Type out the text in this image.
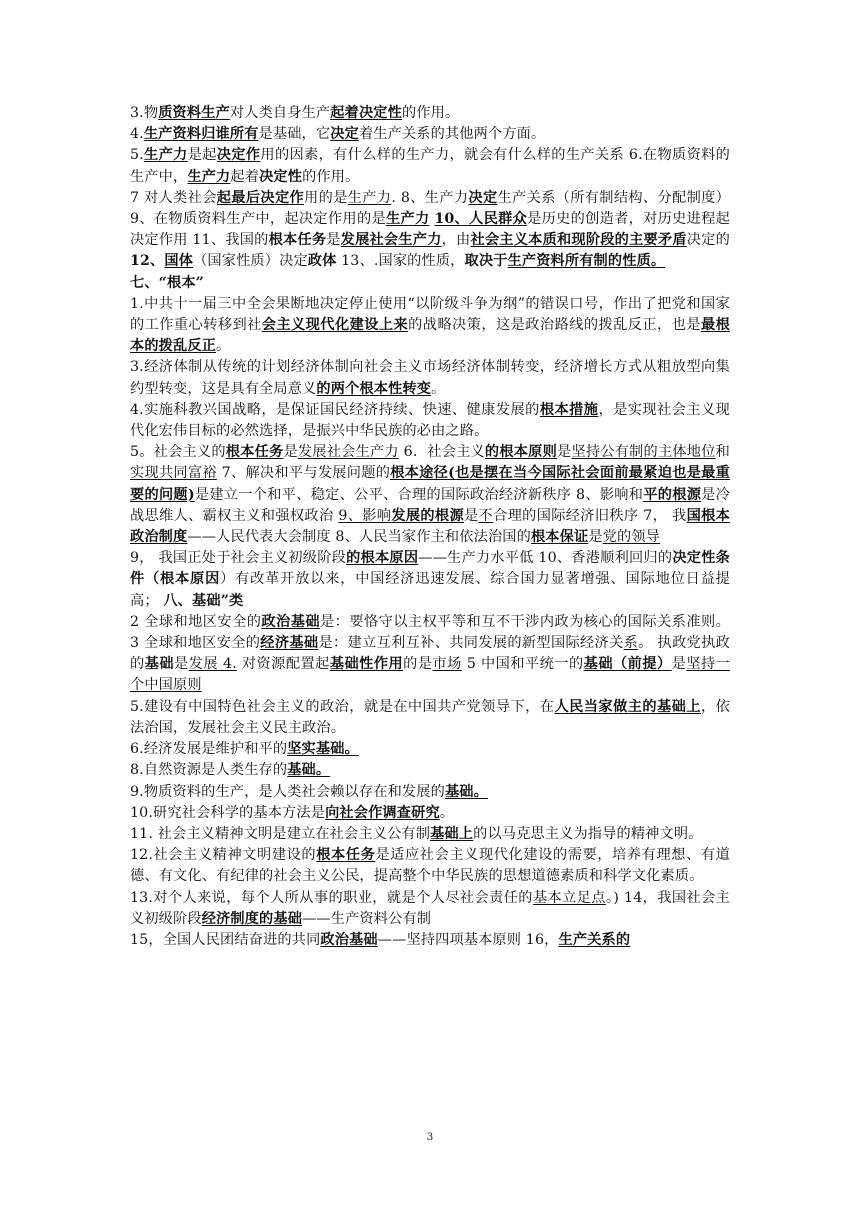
3.物质资料生产对人类自身生产起着决定性的作用。

4.生产资料归谁所有是基础，它决定着生产关系的其他两个方面。

5.生产力是起决定作用的因素，有什么样的生产力，就会有什么样的生产关系 6.在物质资料的生产中，生产力起着决定性的作用。

7 对人类社会起最后决定作用的是生产力. 8、生产力决定生产关系（所有制结构、分配制度） 9、在物质资料生产中，起决定作用的是生产力 10、人民群众是历史的创造者，对历史进程起决定作用 11、我国的根本任务是发展社会生产力，由社会主义本质和现阶段的主要矛盾决定的 12、国体（国家性质）决定政体 13、.国家的性质，取决于生产资料所有制的性质。

七、“根本”

1.中共十一届三中全会果断地决定停止使用“以阶级斗争为纲”的错误口号，作出了把党和国家的工作重心转移到社会主义现代化建设上来的战略决策，这是政治路线的拨乱反正，也是最根本的拨乱反正。

3.经济体制从传统的计划经济体制向社会主义市场经济体制转变，经济增长方式从粗放型向集约型转变，这是具有全局意义的两个根本性转变。

4.实施科教兴国战略，是保证国民经济持续、快速、健康发展的根本措施，是实现社会主义现代化宏伟目标的必然选择，是振兴中华民族的必由之路。

5。社会主义的根本任务是发展社会生产力 6．社会主义的根本原则是坚持公有制的主体地位和实现共同富裕 7、解决和平与发展问题的根本途径(也是摆在当今国际社会面前最紧迫也是最重要的问题)是建立一个和平、稳定、公平、合理的国际政治经济新秩序 8、影响和平的根源是冷战思维人、霸权主义和强权政治 9、影响发展的根源是不合理的国际经济旧秩序 7， 我国根本政治制度——人民代表大会制度 8、人民当家作主和依法治国的根本保证是党的领导

9， 我国正处于社会主义初级阶段的根本原因——生产力水平低 10、香港顺利回归的决定性条件（根本原因）有改革开放以来，中国经济迅速发展、综合国力显著增强、国际地位日益提高； 八、基础”类

2 全球和地区安全的政治基础是：要恪守以主权平等和互不干涉内政为核心的国际关系准则。 3 全球和地区安全的经济基础是：建立互利互补、共同发展的新型国际经济关系。 执政党执政的基础是发展 4. 对资源配置起基础性作用的是市场 5 中国和平统一的基础（前提）是坚持一个中国原则

5.建设有中国特色社会主义的政治，就是在中国共产党领导下，在人民当家做主的基础上，依法治国，发展社会主义民主政治。

6.经济发展是维护和平的坚实基础。

8.自然资源是人类生存的基础。

9.物质资料的生产，是人类社会赖以存在和发展的基础。

10.研究社会科学的基本方法是向社会作调查研究。

11. 社会主义精神文明是建立在社会主义公有制基础上的以马克思主义为指导的精神文明。

12.社会主义精神文明建设的根本任务是适应社会主义现代化建设的需要，培养有理想、有道德、有文化、有纪律的社会主义公民，提高整个中华民族的思想道德素质和科学文化素质。

13.对个人来说，每个人所从事的职业，就是个人尽社会责任的基本立足点。) 14，我国社会主义初级阶段经济制度的基础——生产资料公有制

15，全国人民团结奋进的共同政治基础——坚持四项基本原则 16，生产关系的

3
